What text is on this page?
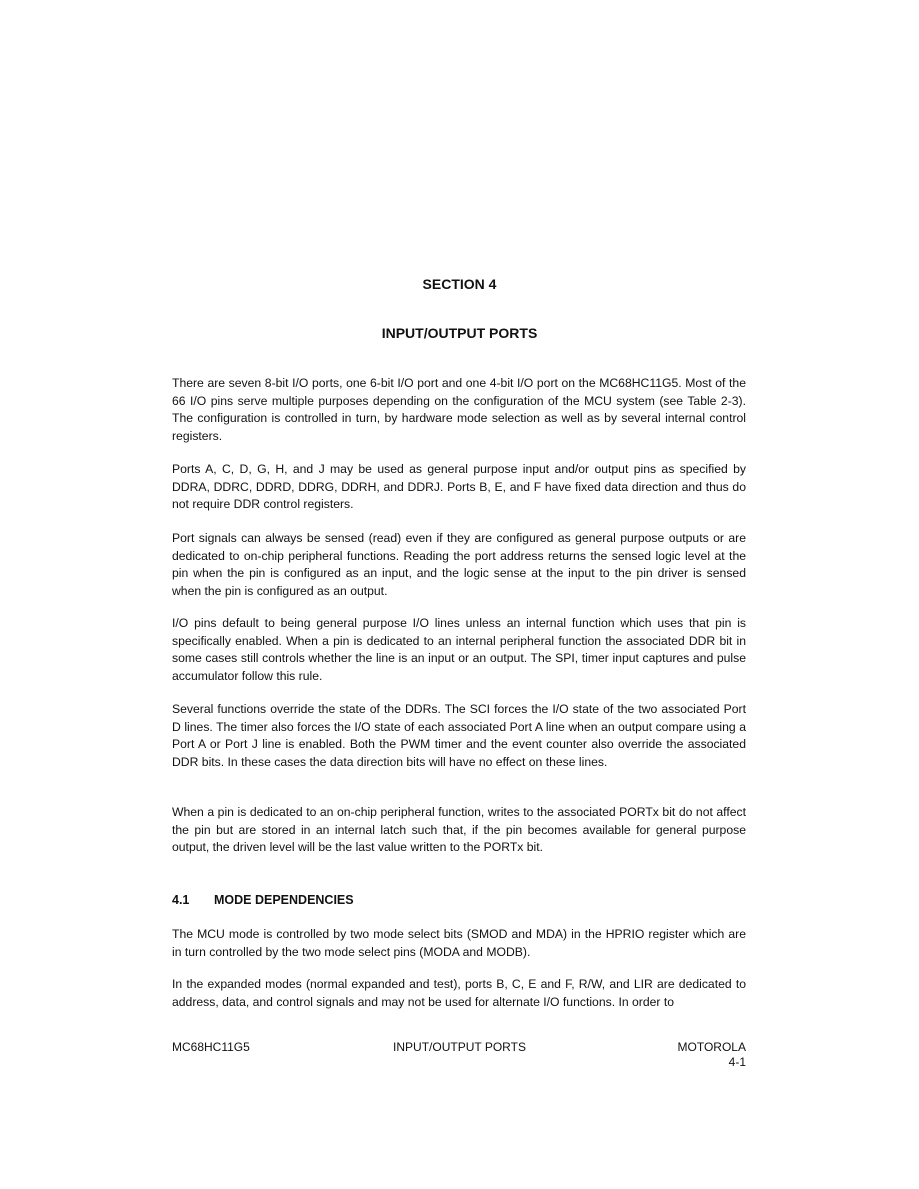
SECTION 4
INPUT/OUTPUT PORTS

There are seven 8-bit I/O ports, one 6-bit I/O port and one 4-bit I/O port on the MC68HC11G5. Most of the 66 I/O pins serve multiple purposes depending on the configuration of the MCU system (see Table 2-3). The configuration is controlled in turn, by hardware mode selection as well as by several internal control registers.

Ports A, C, D, G, H, and J may be used as general purpose input and/or output pins as specified by DDRA, DDRC, DDRD, DDRG, DDRH, and DDRJ. Ports B, E, and F have fixed data direction and thus do not require DDR control registers.

Port signals can always be sensed (read) even if they are configured as general purpose outputs or are dedicated to on-chip peripheral functions. Reading the port address returns the sensed logic level at the pin when the pin is configured as an input, and the logic sense at the input to the pin driver is sensed when the pin is configured as an output.

I/O pins default to being general purpose I/O lines unless an internal function which uses that pin is specifically enabled. When a pin is dedicated to an internal peripheral function the associated DDR bit in some cases still controls whether the line is an input or an output. The SPI, timer input captures and pulse accumulator follow this rule.

Several functions override the state of the DDRs. The SCI forces the I/O state of the two associated Port D lines. The timer also forces the I/O state of each associated Port A line when an output compare using a Port A or Port J line is enabled. Both the PWM timer and the event counter also override the associated DDR bits. In these cases the data direction bits will have no effect on these lines.

When a pin is dedicated to an on-chip peripheral function, writes to the associated PORTx bit do not affect the pin but are stored in an internal latch such that, if the pin becomes available for general purpose output, the driven level will be the last value written to the PORTx bit.

4.1 MODE DEPENDENCIES

The MCU mode is controlled by two mode select bits (SMOD and MDA) in the HPRIO register which are in turn controlled by the two mode select pins (MODA and MODB).

In the expanded modes (normal expanded and test), ports B, C, E and F, R/W, and LIR are dedicated to address, data, and control signals and may not be used for alternate I/O functions. In order to

MC68HC11G5	INPUT/OUTPUT PORTS	MOTOROLA
4-1
